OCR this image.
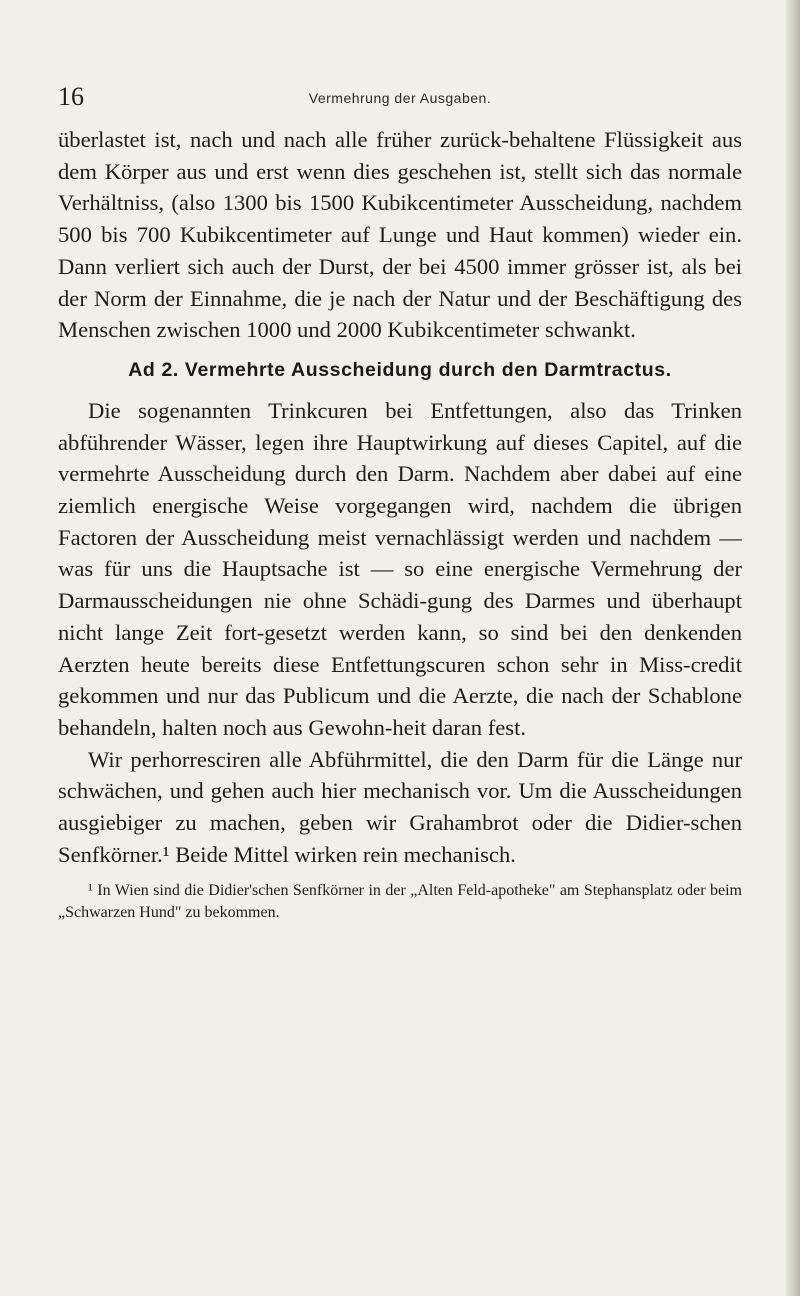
16	Vermehrung der Ausgaben.

überlastet ist, nach und nach alle früher zurück-behaltene Flüssigkeit aus dem Körper aus und erst wenn dies geschehen ist, stellt sich das normale Verhältniss, (also 1300 bis 1500 Kubikcentimeter Ausscheidung, nachdem 500 bis 700 Kubikcentimeter auf Lunge und Haut kommen) wieder ein. Dann verliert sich auch der Durst, der bei 4500 immer grösser ist, als bei der Norm der Einnahme, die je nach der Natur und der Beschäftigung des Menschen zwischen 1000 und 2000 Kubikcentimeter schwankt.

Ad 2. Vermehrte Ausscheidung durch den Darmtractus.

Die sogenannten Trinkcuren bei Entfettungen, also das Trinken abführender Wässer, legen ihre Hauptwirkung auf dieses Capitel, auf die vermehrte Ausscheidung durch den Darm. Nachdem aber dabei auf eine ziemlich energische Weise vorgegangen wird, nachdem die übrigen Factoren der Ausscheidung meist vernachlässigt werden und nachdem — was für uns die Hauptsache ist — so eine energische Vermehrung der Darmausscheidungen nie ohne Schädi-gung des Darmes und überhaupt nicht lange Zeit fort-gesetzt werden kann, so sind bei den denkenden Aerzten heute bereits diese Entfettungscuren schon sehr in Miss-credit gekommen und nur das Publicum und die Aerzte, die nach der Schablone behandeln, halten noch aus Gewohn-heit daran fest.

Wir perhorresciren alle Abführmittel, die den Darm für die Länge nur schwächen, und gehen auch hier mechanisch vor. Um die Ausscheidungen ausgiebiger zu machen, geben wir Grahambrot oder die Didier-schen Senfkörner.¹ Beide Mittel wirken rein mechanisch.

¹ In Wien sind die Didier'schen Senfkörner in der „Alten Feld-apotheke" am Stephansplatz oder beim „Schwarzen Hund" zu bekommen.
